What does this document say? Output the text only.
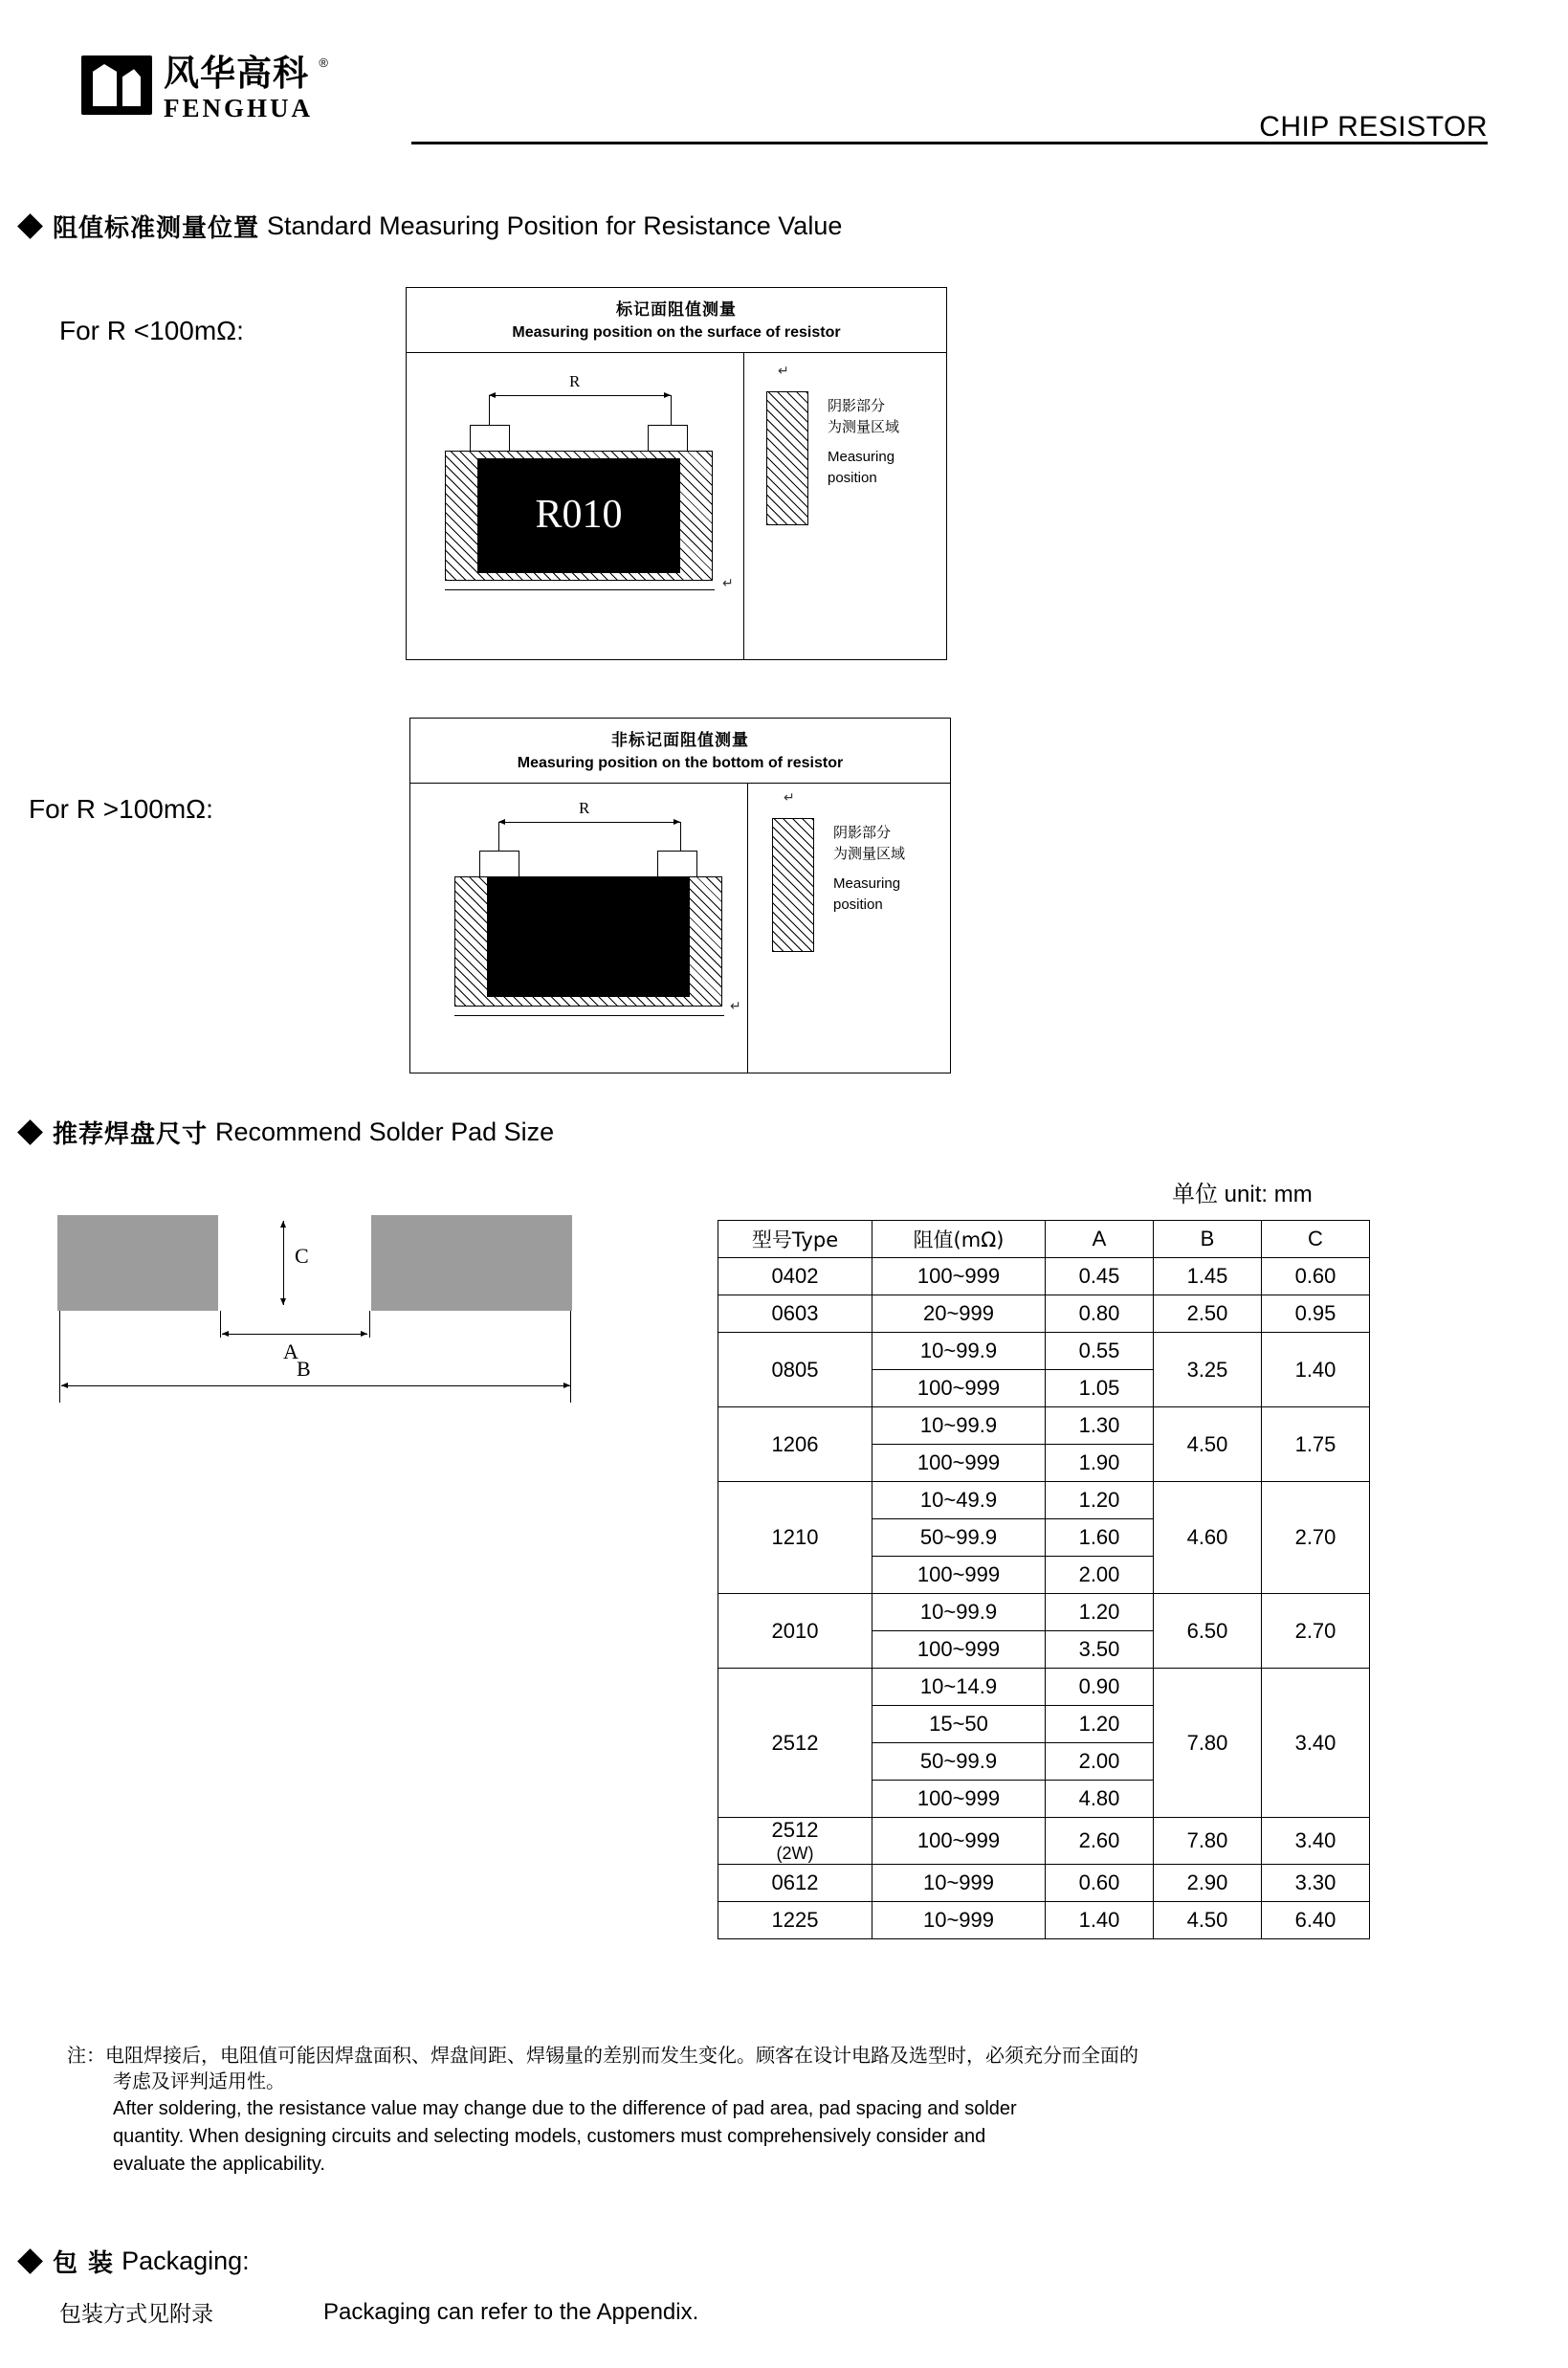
风华高科 ®
FENGHUA
CHIP RESISTOR
阻值标准测量位置 Standard Measuring Position for Resistance Value
For R <100mΩ:
For R >100mΩ:
标记面阻值测量
Measuring position on the surface of resistor
R
R010
↵
↵
阴影部分
为测量区域
Measuring
position
非标记面阻值测量
Measuring position on the bottom of resistor
R
↵
↵
阴影部分
为测量区域
Measuring
position
推荐焊盘尺寸 Recommend Solder Pad Size
单位 unit: mm
C
A
B
型号Type	阻值(mΩ)	A	B	C
0402	100~999	0.45	1.45	0.60
0603	20~999	0.80	2.50	0.95
0805	10~99.9	0.55	3.25	1.40
	100~999	1.05		
1206	10~99.9	1.30	4.50	1.75
	100~999	1.90		
1210	10~49.9	1.20	4.60	2.70
	50~99.9	1.60		
	100~999	2.00		
2010	10~99.9	1.20	6.50	2.70
	100~999	3.50		
2512	10~14.9	0.90	7.80	3.40
	15~50	1.20		
	50~99.9	2.00		
	100~999	4.80		
2512
(2W)	100~999	2.60	7.80	3.40
0612	10~999	0.60	2.90	3.30
1225	10~999	1.40	4.50	6.40
注： 电阻焊接后，电阻值可能因焊盘面积、焊盘间距、焊锡量的差别而发生变化。顾客在设计电路及选型时，必须充分而全面的
考虑及评判适用性。
After soldering, the resistance value may change due to the difference of pad area, pad spacing and solder
quantity. When designing circuits and selecting models, customers must comprehensively consider and
evaluate the applicability.
包 装 Packaging:
包装方式见附录	Packaging can refer to the Appendix.
